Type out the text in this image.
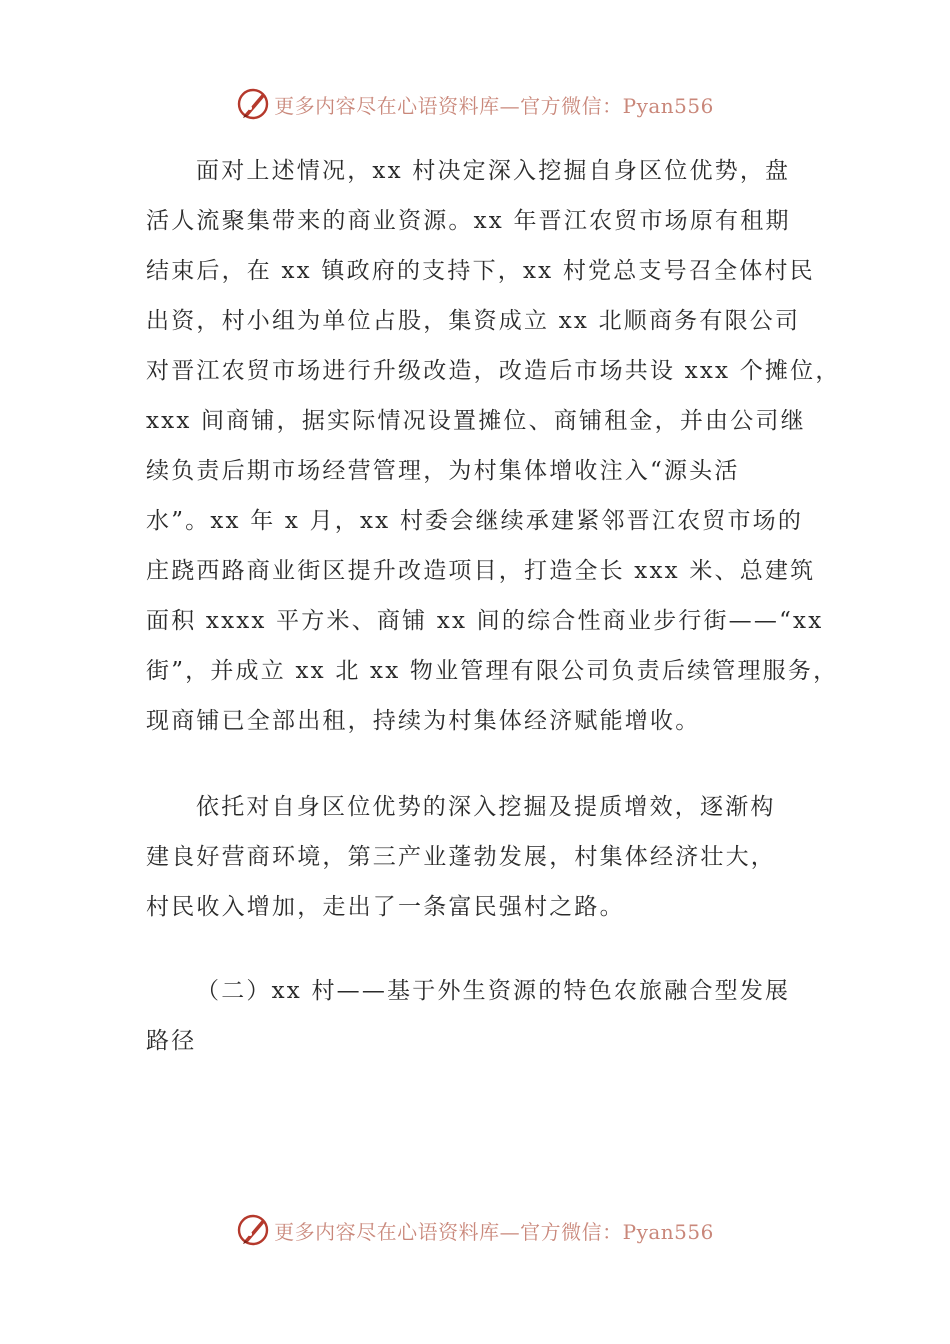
更多内容尽在心语资料库—官方微信：Pyan556
面对上述情况，xx 村决定深入挖掘自身区位优势，盘
活人流聚集带来的商业资源。xx 年晋江农贸市场原有租期
结束后，在 xx 镇政府的支持下，xx 村党总支号召全体村民
出资，村小组为单位占股，集资成立 xx 北顺商务有限公司
对晋江农贸市场进行升级改造，改造后市场共设 xxx 个摊位，
xxx 间商铺，据实际情况设置摊位、商铺租金，并由公司继
续负责后期市场经营管理，为村集体增收注入“源头活
水”。xx 年 x 月，xx 村委会继续承建紧邻晋江农贸市场的
庄跷西路商业街区提升改造项目，打造全长 xxx 米、总建筑
面积 xxxx 平方米、商铺 xx 间的综合性商业步行街——“xx
街”，并成立 xx 北 xx 物业管理有限公司负责后续管理服务，
现商铺已全部出租，持续为村集体经济赋能增收。
依托对自身区位优势的深入挖掘及提质增效，逐渐构
建良好营商环境，第三产业蓬勃发展，村集体经济壮大，
村民收入增加，走出了一条富民强村之路。
（二）xx 村——基于外生资源的特色农旅融合型发展
路径
更多内容尽在心语资料库—官方微信：Pyan556
